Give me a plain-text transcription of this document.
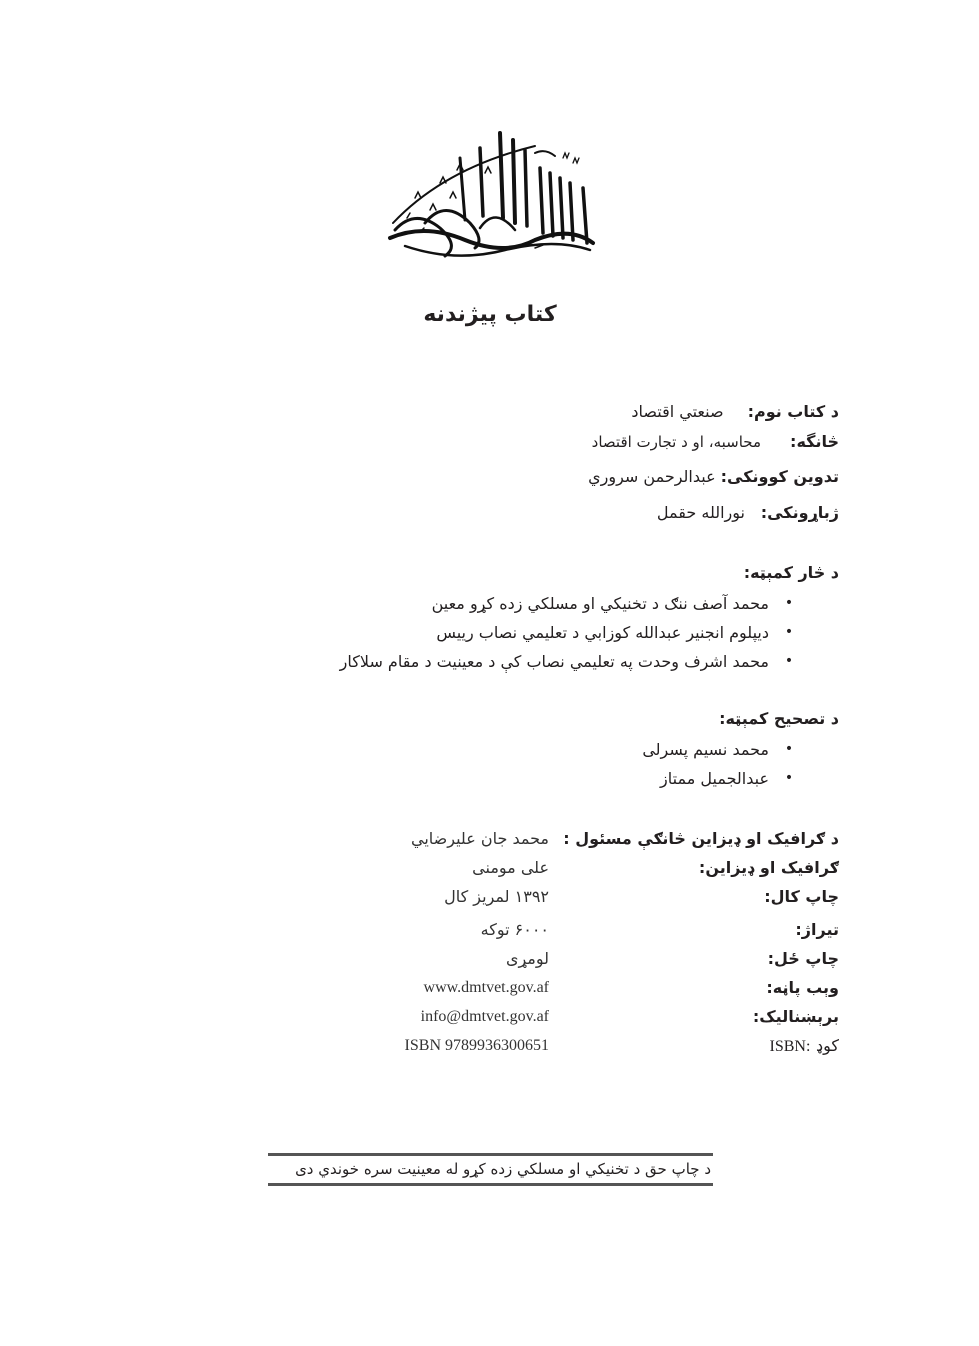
کتاب پیژندنه
د کتاب نوم:
صنعتي اقتصاد
څانگه:
محاسبه، او د تجارت اقتصاد
تدوین کوونکی:
عبدالرحمن سروري
ژباړونکی:
نورالله حقمل
د څار کمېټه:
•
محمد آصف ننګ د تخنيکي او مسلکي زده کړو معين
•
ديپلوم انجنير عبدالله کوزابي د تعليمي نصاب رييس
•
محمد اشرف وحدت په تعليمي نصاب کې د معينيت د مقام سلاکار
د تصحیح کمېټه:
•
محمد نسيم پسرلی
•
عبدالجميل ممتاز
د ګرافیک او ډیزاین څانګې مسئول :
محمد جان عليرضايي
ګرافیک او ډیزاین:
علی مومنی
چاپ کال:
۱۳۹۲ لمریز کال
تیراژ:
۶۰۰۰ توکه
چاپ ځل:
لومړی
وېب پاڼه:
www.dmtvet.gov.af
برېښنالیک:
info@dmtvet.gov.af
کوډ ISBN:
ISBN 9789936300651
د چاپ حق د تخنيکي او مسلکي زده کړو له معينيت سره خوندي دی
